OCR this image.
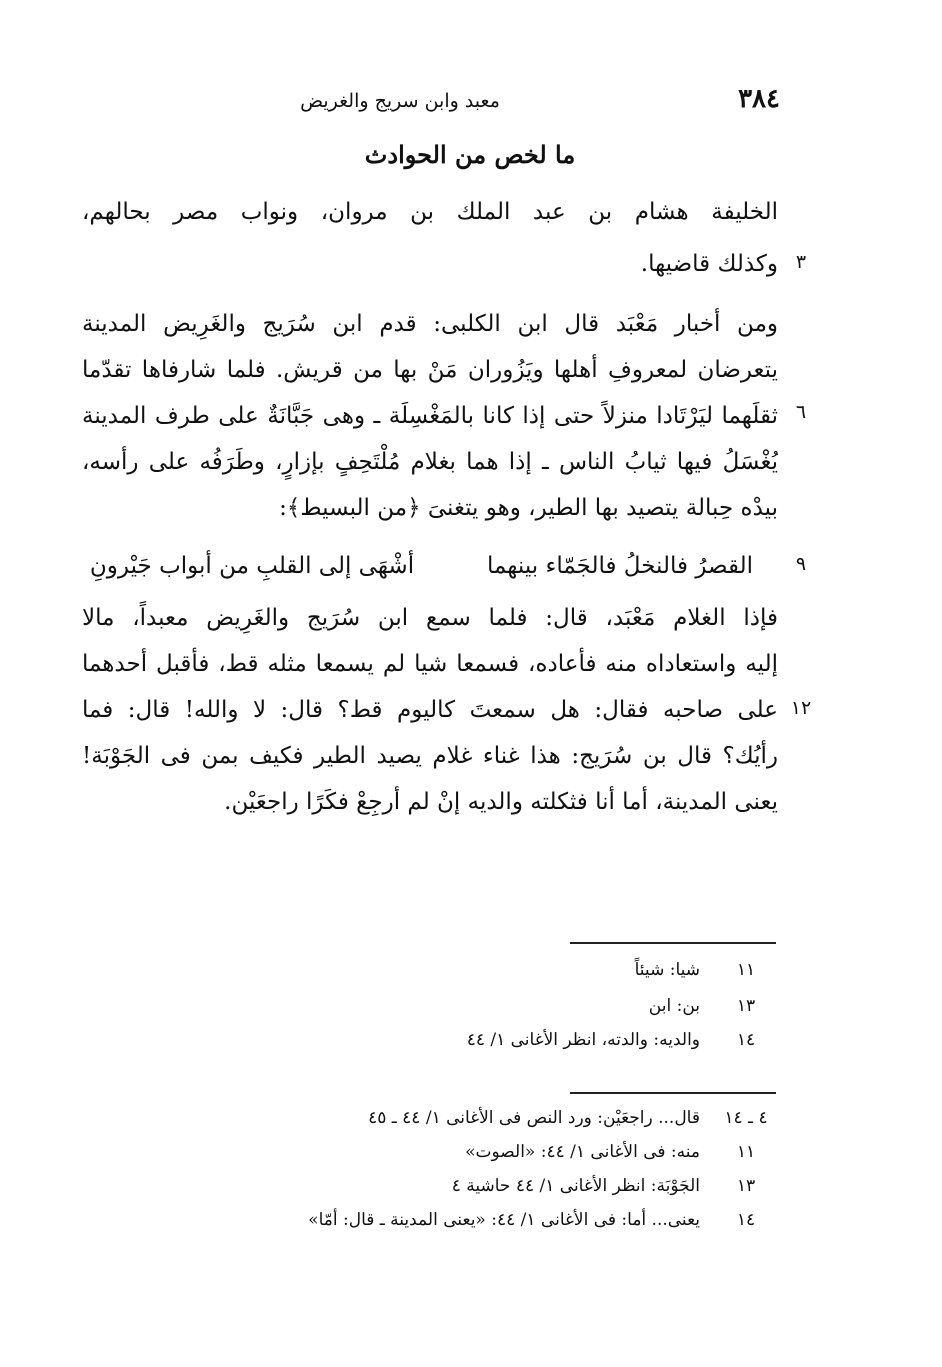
٣٨٤
معبد وابن سريج والغريض
ما لخص من الحوادث
الخليفة هشام بن عبد الملك بن مروان، ونواب مصر بحالهم،
وكذلك قاضيها. ٣
ومن أخبار مَعْبَد قال ابن الكلبى: قدم ابن سُرَيج والغَرِيض المدينة
يتعرضان لمعروفِ أهلها ويَزُوران مَنْ بها من قريش. فلما شارفاها تقدّما
ثقلَهما ليَرْتَادا منزلاً حتى إذا كانا بالمَغْسِلَة ـ وهى جَبَّانَةٌ على طرف المدينة ٦
يُغْسَلُ فيها ثيابُ الناس ـ إذا هما بغلام مُلْتَحِفٍ بإزارٍ، وطَرَفُه على رأسه،
بيدْه حِبالة يتصيد بها الطير، وهو يتغنىَ ﴿من البسيط﴾:
القصرُ فالنخلُ فالجَمّاء بينهما
أشْهَى إلى القلبِ من أبواب جَيْرونِ	٩
فإذا الغلام مَعْبَد، قال: فلما سمع ابن سُرَيج والغَرِيض معبداً، مالا
إليه واستعاداه منه فأعاده، فسمعا شيا لم يسمعا مثله قط، فأقبل أحدهما
على صاحبه فقال: هل سمعتَ كاليوم قط؟ قال: لا والله! قال: فما ١٢
رأيُك؟ قال بن سُرَيج: هذا غناء غلام يصيد الطير فكيف بمن فى الجَوْبَة!
يعنى المدينة، أما أنا فثكلته والديه إنْ لم أرجِعْ فكَرًا راجعَيْن.
١١
شيا: شيئاً
١٣
بن: ابن
١٤
والديه: والدته، انظر الأغانى ١/ ٤٤
٤ ـ ١٤
قال... راجعَيْن: ورد النص فى الأغانى ١/ ٤٤ ـ ٤٥
١١
منه: فى الأغانى ١/ ٤٤: «الصوت»
١٣
الجَوْبَة: انظر الأغانى ١/ ٤٤ حاشية ٤
١٤
يعنى... أما: فى الأغانى ١/ ٤٤: «يعنى المدينة ـ قال: أمّا»
